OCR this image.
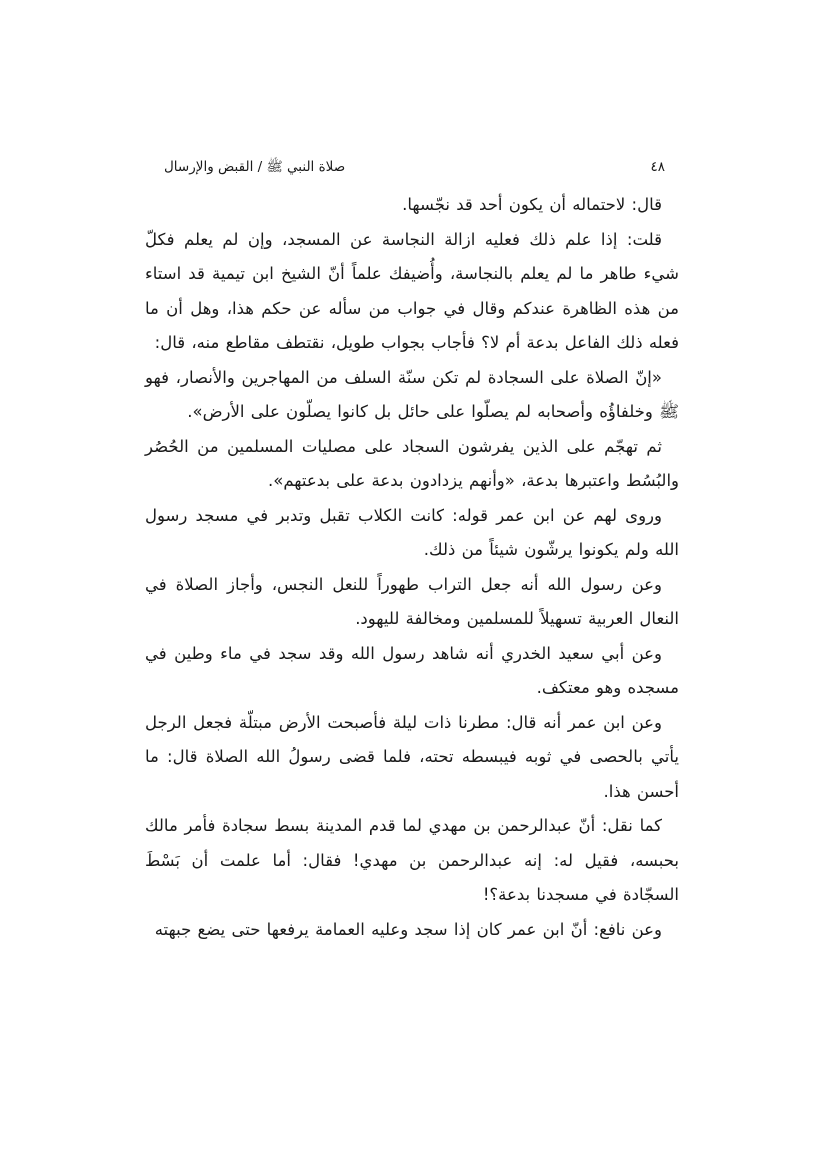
٤٨
صلاة النبي ﷺ / القبض والإرسال

قال: لاحتماله أن يكون أحد قد نجّسها.

قلت: إذا علم ذلك فعليه ازالة النجاسة عن المسجد، وإن لم يعلم فكلّ شيء طاهر ما لم يعلم بالنجاسة، وأُضيفك علماً أنّ الشيخ ابن تيمية قد استاء من هذه الظاهرة عندكم وقال في جواب من سأله عن حكم هذا، وهل أن ما فعله ذلك الفاعل بدعة أم لا؟ فأجاب بجواب طويل، نقتطف مقاطع منه، قال:

«إنّ الصلاة على السجادة لم تكن سنّة السلف من المهاجرين والأنصار، فهو ﷺ وخلفاؤُه وأصحابه لم يصلّوا على حائل بل كانوا يصلّون على الأرض».

ثم تهجّم على الذين يفرشون السجاد على مصليات المسلمين من الحُصُر والبُسُط واعتبرها بدعة، «وأنهم يزدادون بدعة على بدعتهم».

وروى لهم عن ابن عمر قوله: كانت الكلاب تقبل وتدبر في مسجد رسول الله ولم يكونوا يرشّون شيئاً من ذلك.

وعن رسول الله أنه جعل التراب طهوراً للنعل النجس، وأجاز الصلاة في النعال العربية تسهيلاً للمسلمين ومخالفة لليهود.

وعن أبي سعيد الخدري أنه شاهد رسول الله وقد سجد في ماء وطين في مسجده وهو معتكف.

وعن ابن عمر أنه قال: مطرنا ذات ليلة فأصبحت الأرض مبتلّة فجعل الرجل يأتي بالحصى في ثوبه فيبسطه تحته، فلما قضى رسولُ الله الصلاة قال: ما أحسن هذا.

كما نقل: أنّ عبدالرحمن بن مهدي لما قدم المدينة بسط سجادة فأمر مالك بحبسه، فقيل له: إنه عبدالرحمن بن مهدي! فقال: أما علمت أن بَسْطَ السجّادة في مسجدنا بدعة؟!

وعن نافع: أنّ ابن عمر كان إذا سجد وعليه العمامة يرفعها حتى يضع جبهته
